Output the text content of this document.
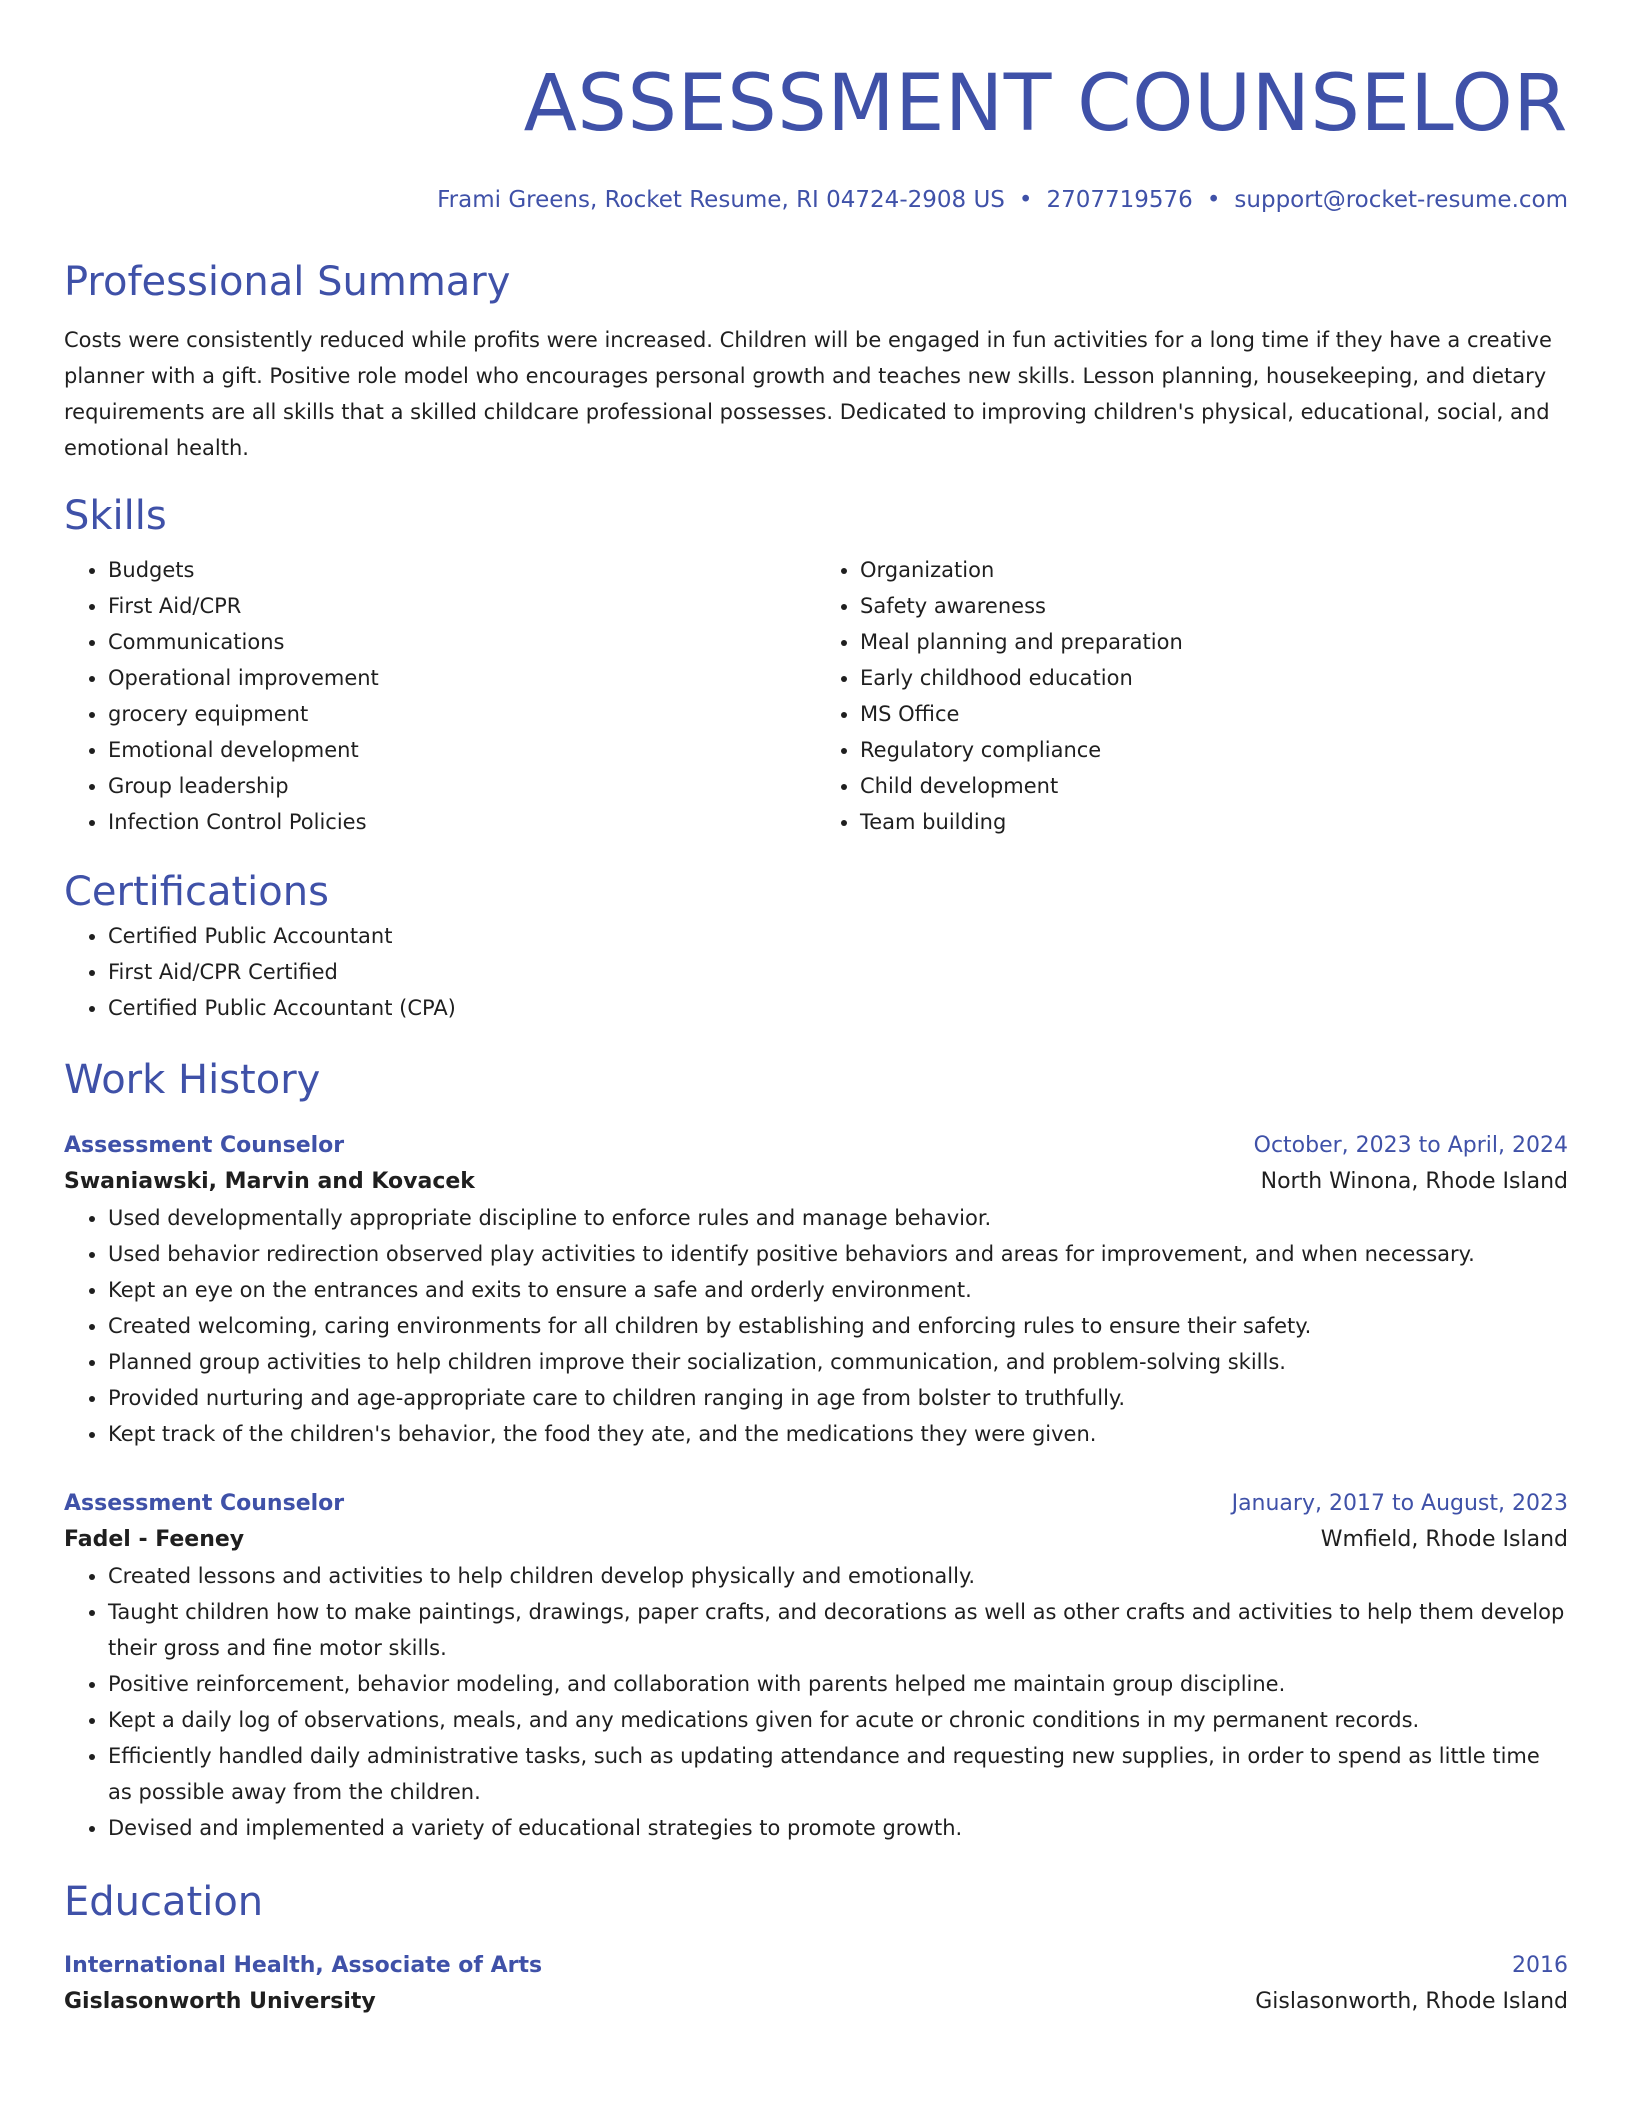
ASSESSMENT COUNSELOR
Frami Greens, Rocket Resume, RI 04724-2908 US • 2707719576 • support@rocket-resume.com
Professional Summary

Costs were consistently reduced while profits were increased. Children will be engaged in fun activities for a long time if they have a creative planner with a gift. Positive role model who encourages personal growth and teaches new skills. Lesson planning, housekeeping, and dietary requirements are all skills that a skilled childcare professional possesses. Dedicated to improving children's physical, educational, social, and emotional health.

Skills
• Budgets
• First Aid/CPR
• Communications
• Operational improvement
• grocery equipment
• Emotional development
• Group leadership
• Infection Control Policies
• Organization
• Safety awareness
• Meal planning and preparation
• Early childhood education
• MS Office
• Regulatory compliance
• Child development
• Team building
Certifications
• Certified Public Accountant
• First Aid/CPR Certified
• Certified Public Accountant (CPA)
Work History
Assessment Counselor	October, 2023 to April, 2024
Swaniawski, Marvin and Kovacek	North Winona, Rhode Island
• Used developmentally appropriate discipline to enforce rules and manage behavior.
• Used behavior redirection observed play activities to identify positive behaviors and areas for improvement, and when necessary.
• Kept an eye on the entrances and exits to ensure a safe and orderly environment.
• Created welcoming, caring environments for all children by establishing and enforcing rules to ensure their safety.
• Planned group activities to help children improve their socialization, communication, and problem-solving skills.
• Provided nurturing and age-appropriate care to children ranging in age from bolster to truthfully.
• Kept track of the children's behavior, the food they ate, and the medications they were given.
Assessment Counselor	January, 2017 to August, 2023
Fadel - Feeney	Wmfield, Rhode Island
• Created lessons and activities to help children develop physically and emotionally.
• Taught children how to make paintings, drawings, paper crafts, and decorations as well as other crafts and activities to help them develop their gross and fine motor skills.
• Positive reinforcement, behavior modeling, and collaboration with parents helped me maintain group discipline.
• Kept a daily log of observations, meals, and any medications given for acute or chronic conditions in my permanent records.
• Efficiently handled daily administrative tasks, such as updating attendance and requesting new supplies, in order to spend as little time as possible away from the children.
• Devised and implemented a variety of educational strategies to promote growth.
Education
International Health, Associate of Arts	2016
Gislasonworth University	Gislasonworth, Rhode Island
